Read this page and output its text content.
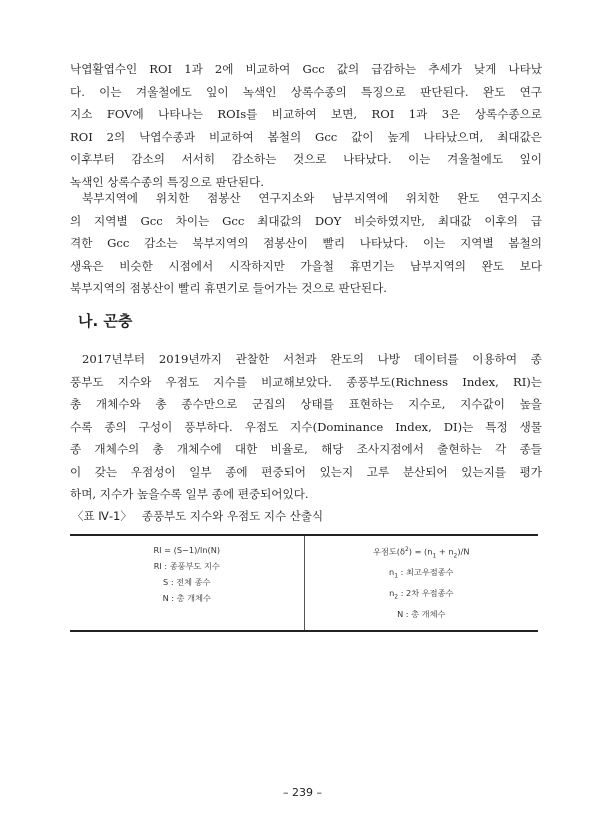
낙엽활엽수인 ROI 1과 2에 비교하여 Gcc 값의 급감하는 추세가 낮게 나타났
다. 이는 겨울철에도 잎이 녹색인 상록수종의 특징으로 판단된다. 완도 연구
지소 FOV에 나타나는 ROIs를 비교하여 보면, ROI 1과 3은 상록수종으로
ROI 2의 낙엽수종과 비교하여 봄철의 Gcc 값이 높게 나타났으며, 최대값은
이후부터 감소의 서서히 감소하는 것으로 나타났다. 이는 겨울철에도 잎이
녹색인 상록수종의 특징으로 판단된다.
북부지역에 위치한 점봉산 연구지소와 남부지역에 위치한 완도 연구지소
의 지역별 Gcc 차이는 Gcc 최대값의 DOY 비슷하였지만, 최대값 이후의 급
격한 Gcc 감소는 북부지역의 점봉산이 빨리 나타났다. 이는 지역별 봄철의
생육은 비슷한 시점에서 시작하지만 가을철 휴면기는 남부지역의 완도 보다
북부지역의 점봉산이 빨리 휴면기로 들어가는 것으로 판단된다.
나. 곤충
2017년부터 2019년까지 관찰한 서천과 완도의 나방 데이터를 이용하여 종
풍부도 지수와 우점도 지수를 비교해보았다. 종풍부도(Richness Index, RI)는
총 개체수와 총 종수만으로 군집의 상태를 표현하는 지수로, 지수값이 높을
수록 종의 구성이 풍부하다. 우점도 지수(Dominance Index, DI)는 특정 생물
종 개체수의 총 개체수에 대한 비율로, 해당 조사지점에서 출현하는 각 종들
이 갖는 우점성이 일부 종에 편중되어 있는지 고루 분산되어 있는지를 평가
하며, 지수가 높을수록 일부 종에 편중되어있다.

〈표 Ⅳ-1〉 종풍부도 지수와 우점도 지수 산출식

RI = (S−1)/ln(N)
RI : 종풍부도 지수
S : 전체 종수
N : 총 개체수
우점도$(\delta^2) = (n_1 + n_2)/N$
$n_1$ : 최고우점종수
$n_2$ : 2차 우점종수
N : 총 개체수
– 239 –
